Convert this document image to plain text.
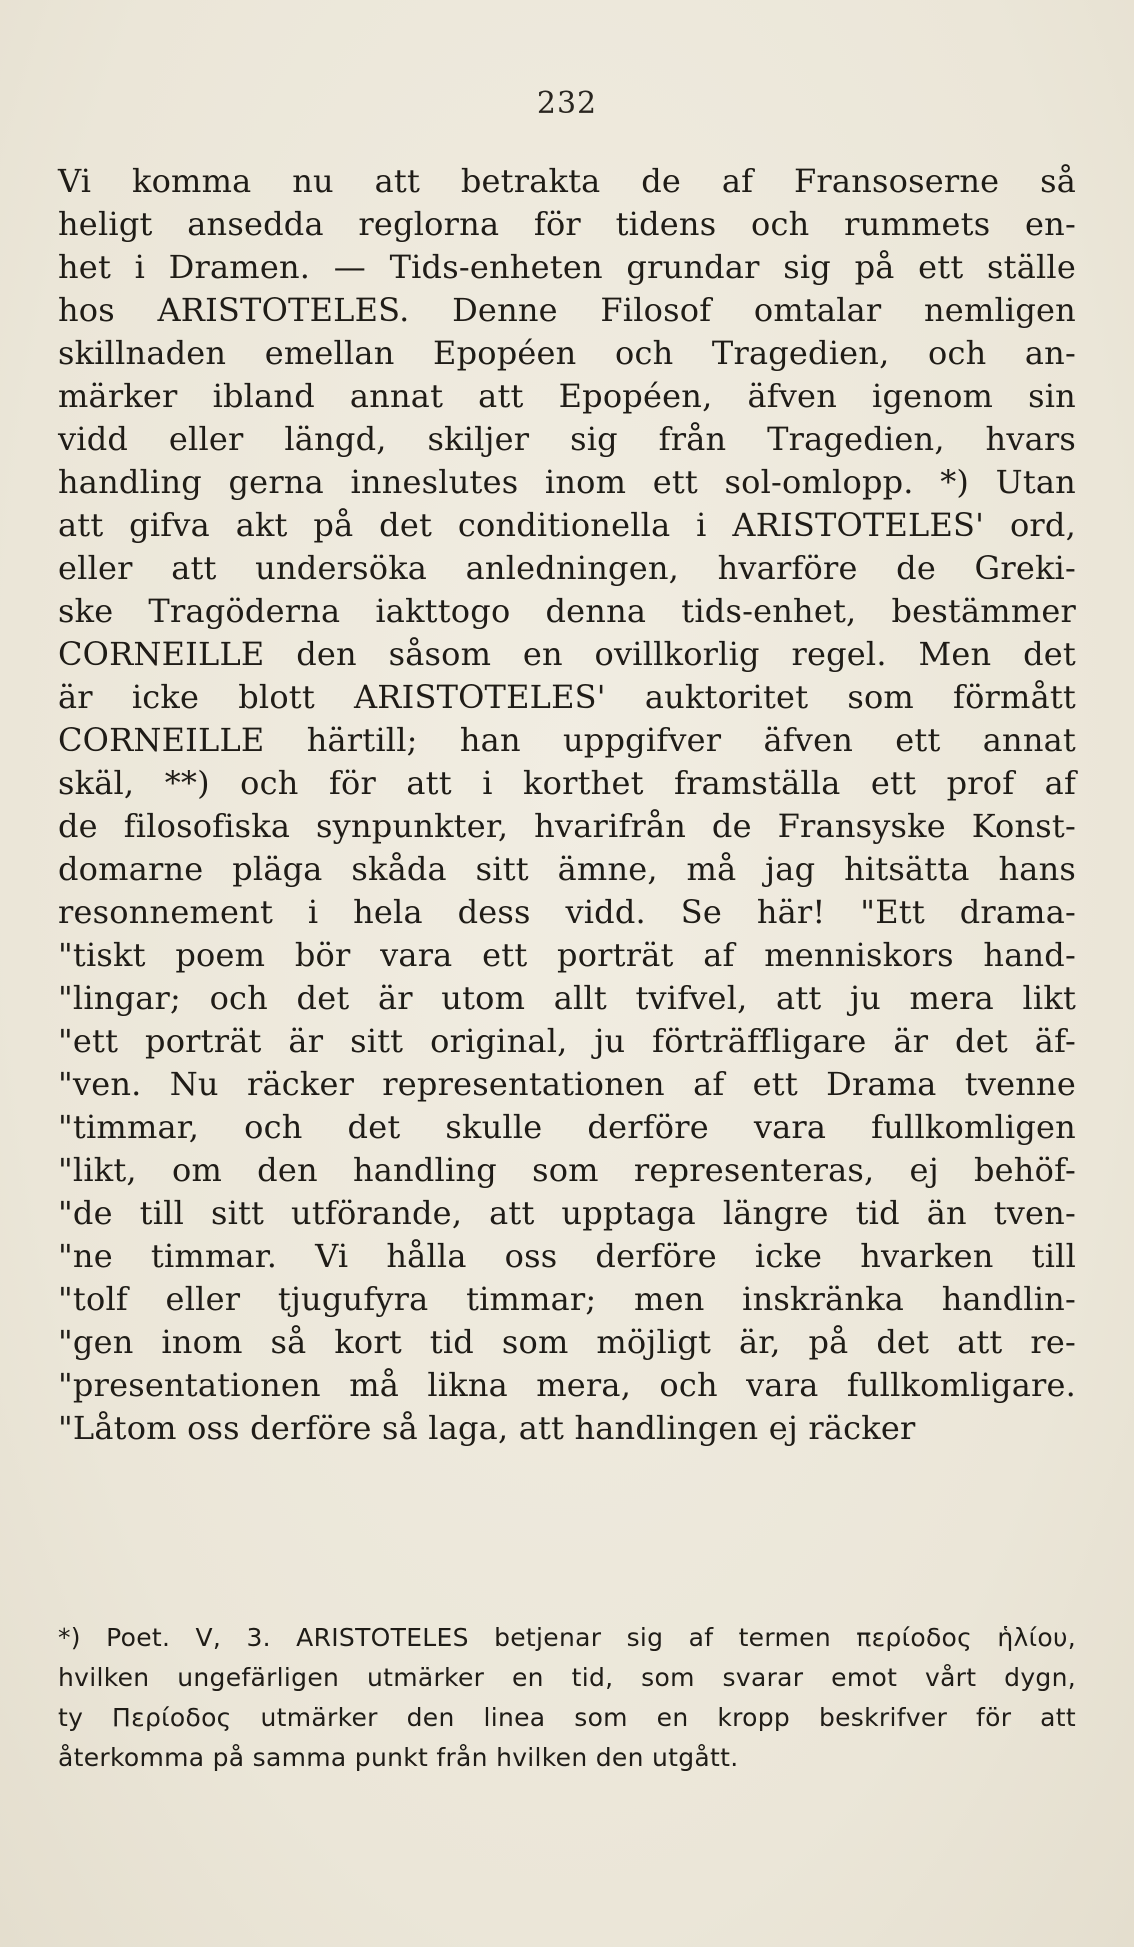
232
Vi komma nu att betrakta de af Fransoserne så
heligt ansedda reglorna för tidens och rummets en-
het i Dramen. — Tids-enheten grundar sig på ett ställe
hos ARISTOTELES. Denne Filosof omtalar nemligen
skillnaden emellan Epopéen och Tragedien, och an-
märker ibland annat att Epopéen, äfven igenom sin
vidd eller längd, skiljer sig från Tragedien, hvars
handling gerna inneslutes inom ett sol-omlopp. *) Utan
att gifva akt på det conditionella i ARISTOTELES' ord,
eller att undersöka anledningen, hvarföre de Greki-
ske Tragöderna iakttogo denna tids-enhet, bestämmer
CORNEILLE den såsom en ovillkorlig regel. Men det
är icke blott ARISTOTELES' auktoritet som förmått
CORNEILLE härtill; han uppgifver äfven ett annat
skäl, **) och för att i korthet framställa ett prof af
de filosofiska synpunkter, hvarifrån de Fransyske Konst-
domarne pläga skåda sitt ämne, må jag hitsätta hans
resonnement i hela dess vidd. Se här! "Ett drama-
"tiskt poem bör vara ett porträt af menniskors hand-
"lingar; och det är utom allt tvifvel, att ju mera likt
"ett porträt är sitt original, ju förträffligare är det äf-
"ven. Nu räcker representationen af ett Drama tvenne
"timmar, och det skulle derföre vara fullkomligen
"likt, om den handling som representeras, ej behöf-
"de till sitt utförande, att upptaga längre tid än tven-
"ne timmar. Vi hålla oss derföre icke hvarken till
"tolf eller tjugufyra timmar; men inskränka handlin-
"gen inom så kort tid som möjligt är, på det att re-
"presentationen må likna mera, och vara fullkomligare.
"Låtom oss derföre så laga, att handlingen ej räcker
*) Poet. V, 3. ARISTOTELES betjenar sig af termen περίοδος ἡλίου,
hvilken ungefärligen utmärker en tid, som svarar emot vårt dygn,
ty Περίοδος utmärker den linea som en kropp beskrifver för att
återkomma på samma punkt från hvilken den utgått.
